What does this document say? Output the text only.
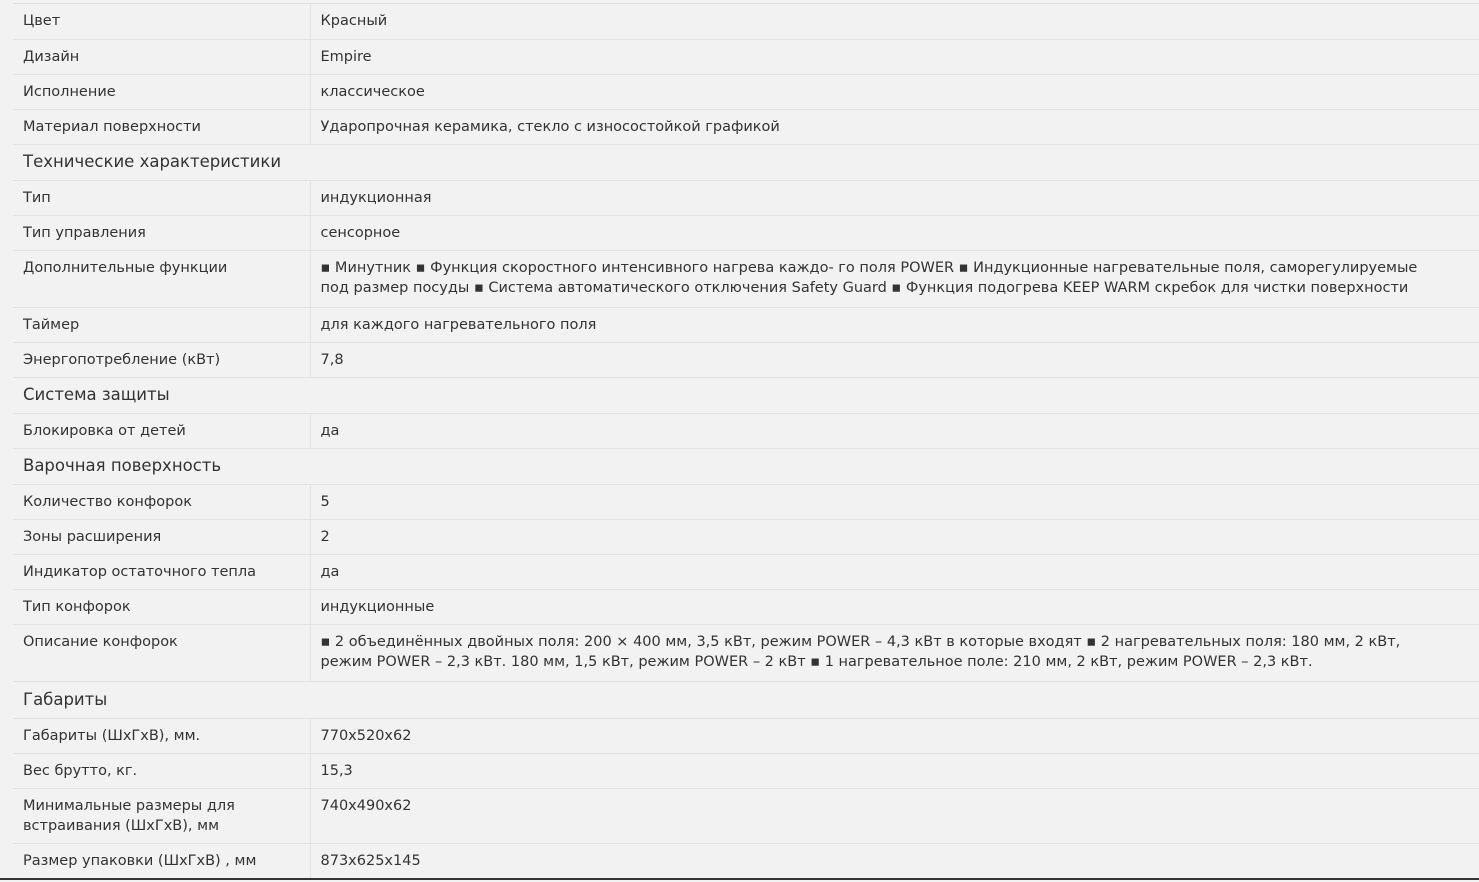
Цвет	Красный
Дизайн	Empire
Исполнение	классическое
Материал поверхности	Ударопрочная керамика, стекло с износостойкой графикой
Технические характеристики	
Тип	индукционная
Тип управления	сенсорное
Дополнительные функции	▪ Минутник ▪ Функция скоростного интенсивного нагрева каждо- го поля POWER ▪ Индукционные нагревательные поля, саморегулируемые под размер посуды ▪ Система автоматического отключения Safety Guard ▪ Функция подогрева KEEP WARM скребок для чистки поверхности
Таймер	для каждого нагревательного поля
Энергопотребление (кВт)	7,8
Система защиты	
Блокировка от детей	да
Варочная поверхность	
Количество конфорок	5
Зоны расширения	2
Индикатор остаточного тепла	да
Тип конфорок	индукционные
Описание конфорок	▪ 2 объединённых двойных поля: 200 × 400 мм, 3,5 кВт, режим POWER – 4,3 кВт в которые входят ▪ 2 нагревательных поля: 180 мм, 2 кВт, режим POWER – 2,3 кВт. 180 мм, 1,5 кВт, режим POWER – 2 кВт ▪ 1 нагревательное поле: 210 мм, 2 кВт, режим POWER – 2,3 кВт.
Габариты	
Габариты (ШхГхВ), мм.	770x520x62
Вес брутто, кг.	15,3
Минимальные размеры для встраивания (ШхГхВ), мм	740x490x62
Размер упаковки (ШхГхВ) , мм	873x625x145
